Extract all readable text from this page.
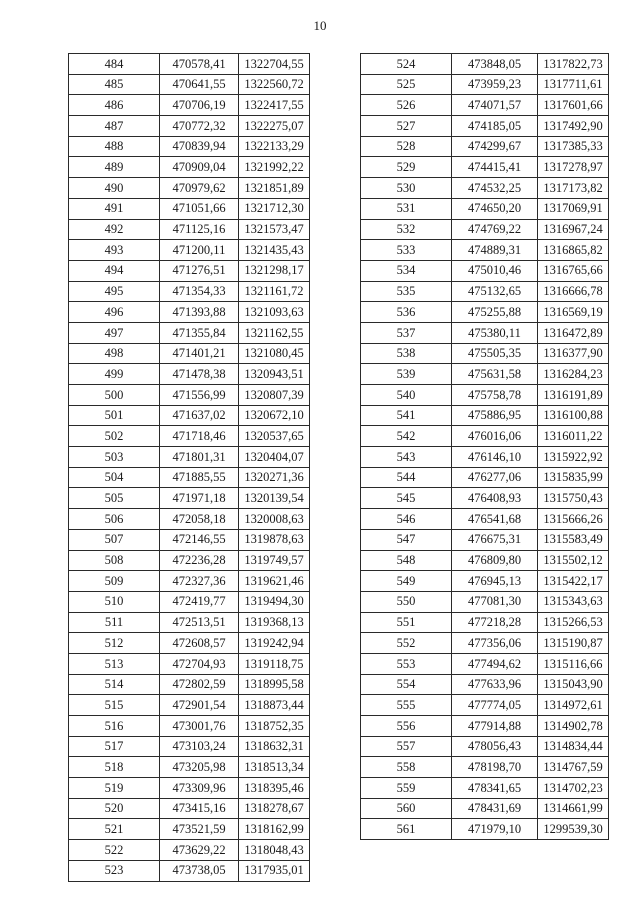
10
484	470578,41	1322704,55
485	470641,55	1322560,72
486	470706,19	1322417,55
487	470772,32	1322275,07
488	470839,94	1322133,29
489	470909,04	1321992,22
490	470979,62	1321851,89
491	471051,66	1321712,30
492	471125,16	1321573,47
493	471200,11	1321435,43
494	471276,51	1321298,17
495	471354,33	1321161,72
496	471393,88	1321093,63
497	471355,84	1321162,55
498	471401,21	1321080,45
499	471478,38	1320943,51
500	471556,99	1320807,39
501	471637,02	1320672,10
502	471718,46	1320537,65
503	471801,31	1320404,07
504	471885,55	1320271,36
505	471971,18	1320139,54
506	472058,18	1320008,63
507	472146,55	1319878,63
508	472236,28	1319749,57
509	472327,36	1319621,46
510	472419,77	1319494,30
511	472513,51	1319368,13
512	472608,57	1319242,94
513	472704,93	1319118,75
514	472802,59	1318995,58
515	472901,54	1318873,44
516	473001,76	1318752,35
517	473103,24	1318632,31
518	473205,98	1318513,34
519	473309,96	1318395,46
520	473415,16	1318278,67
521	473521,59	1318162,99
522	473629,22	1318048,43
523	473738,05	1317935,01
524	473848,05	1317822,73
525	473959,23	1317711,61
526	474071,57	1317601,66
527	474185,05	1317492,90
528	474299,67	1317385,33
529	474415,41	1317278,97
530	474532,25	1317173,82
531	474650,20	1317069,91
532	474769,22	1316967,24
533	474889,31	1316865,82
534	475010,46	1316765,66
535	475132,65	1316666,78
536	475255,88	1316569,19
537	475380,11	1316472,89
538	475505,35	1316377,90
539	475631,58	1316284,23
540	475758,78	1316191,89
541	475886,95	1316100,88
542	476016,06	1316011,22
543	476146,10	1315922,92
544	476277,06	1315835,99
545	476408,93	1315750,43
546	476541,68	1315666,26
547	476675,31	1315583,49
548	476809,80	1315502,12
549	476945,13	1315422,17
550	477081,30	1315343,63
551	477218,28	1315266,53
552	477356,06	1315190,87
553	477494,62	1315116,66
554	477633,96	1315043,90
555	477774,05	1314972,61
556	477914,88	1314902,78
557	478056,43	1314834,44
558	478198,70	1314767,59
559	478341,65	1314702,23
560	478431,69	1314661,99
561	471979,10	1299539,30
